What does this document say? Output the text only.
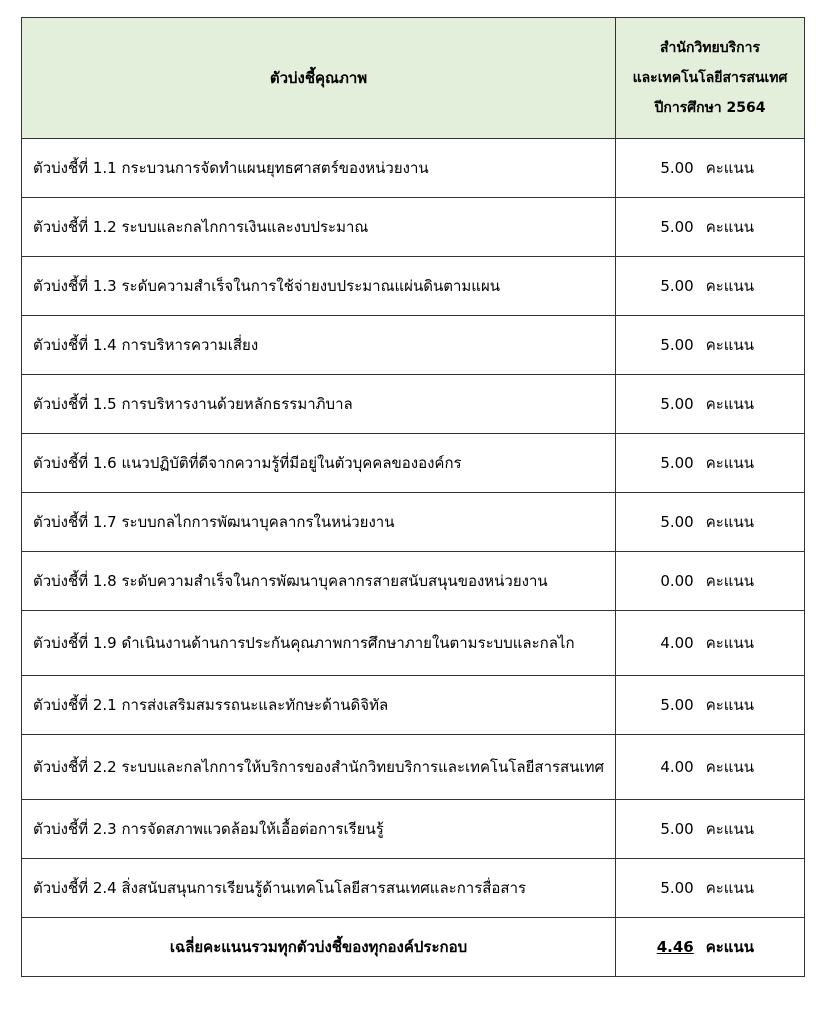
ตัวบ่งชี้คุณภาพ	สำนักวิทยบริการ
และเทคโนโลยีสารสนเทศ
ปีการศึกษา 2564

ตัวบ่งชี้ที่ 1.1 กระบวนการจัดทำแผนยุทธศาสตร์ของหน่วยงาน	5.00 คะแนน
ตัวบ่งชี้ที่ 1.2 ระบบและกลไกการเงินและงบประมาณ	5.00 คะแนน
ตัวบ่งชี้ที่ 1.3 ระดับความสำเร็จในการใช้จ่ายงบประมาณแผ่นดินตามแผน	5.00 คะแนน
ตัวบ่งชี้ที่ 1.4 การบริหารความเสี่ยง	5.00 คะแนน
ตัวบ่งชี้ที่ 1.5 การบริหารงานด้วยหลักธรรมาภิบาล	5.00 คะแนน
ตัวบ่งชี้ที่ 1.6 แนวปฏิบัติที่ดีจากความรู้ที่มีอยู่ในตัวบุคคลขององค์กร	5.00 คะแนน
ตัวบ่งชี้ที่ 1.7 ระบบกลไกการพัฒนาบุคลากรในหน่วยงาน	5.00 คะแนน
ตัวบ่งชี้ที่ 1.8 ระดับความสำเร็จในการพัฒนาบุคลากรสายสนับสนุนของหน่วยงาน	0.00 คะแนน
ตัวบ่งชี้ที่ 1.9 ดำเนินงานด้านการประกันคุณภาพการศึกษาภายในตามระบบและกลไก	4.00 คะแนน
ตัวบ่งชี้ที่ 2.1 การส่งเสริมสมรรถนะและทักษะด้านดิจิทัล	5.00 คะแนน
ตัวบ่งชี้ที่ 2.2 ระบบและกลไกการให้บริการของสำนักวิทยบริการและเทคโนโลยีสารสนเทศ	4.00 คะแนน
ตัวบ่งชี้ที่ 2.3 การจัดสภาพแวดล้อมให้เอื้อต่อการเรียนรู้	5.00 คะแนน
ตัวบ่งชี้ที่ 2.4 สิ่งสนับสนุนการเรียนรู้ด้านเทคโนโลยีสารสนเทศและการสื่อสาร	5.00 คะแนน
เฉลี่ยคะแนนรวมทุกตัวบ่งชี้ของทุกองค์ประกอบ	4.46 คะแนน
